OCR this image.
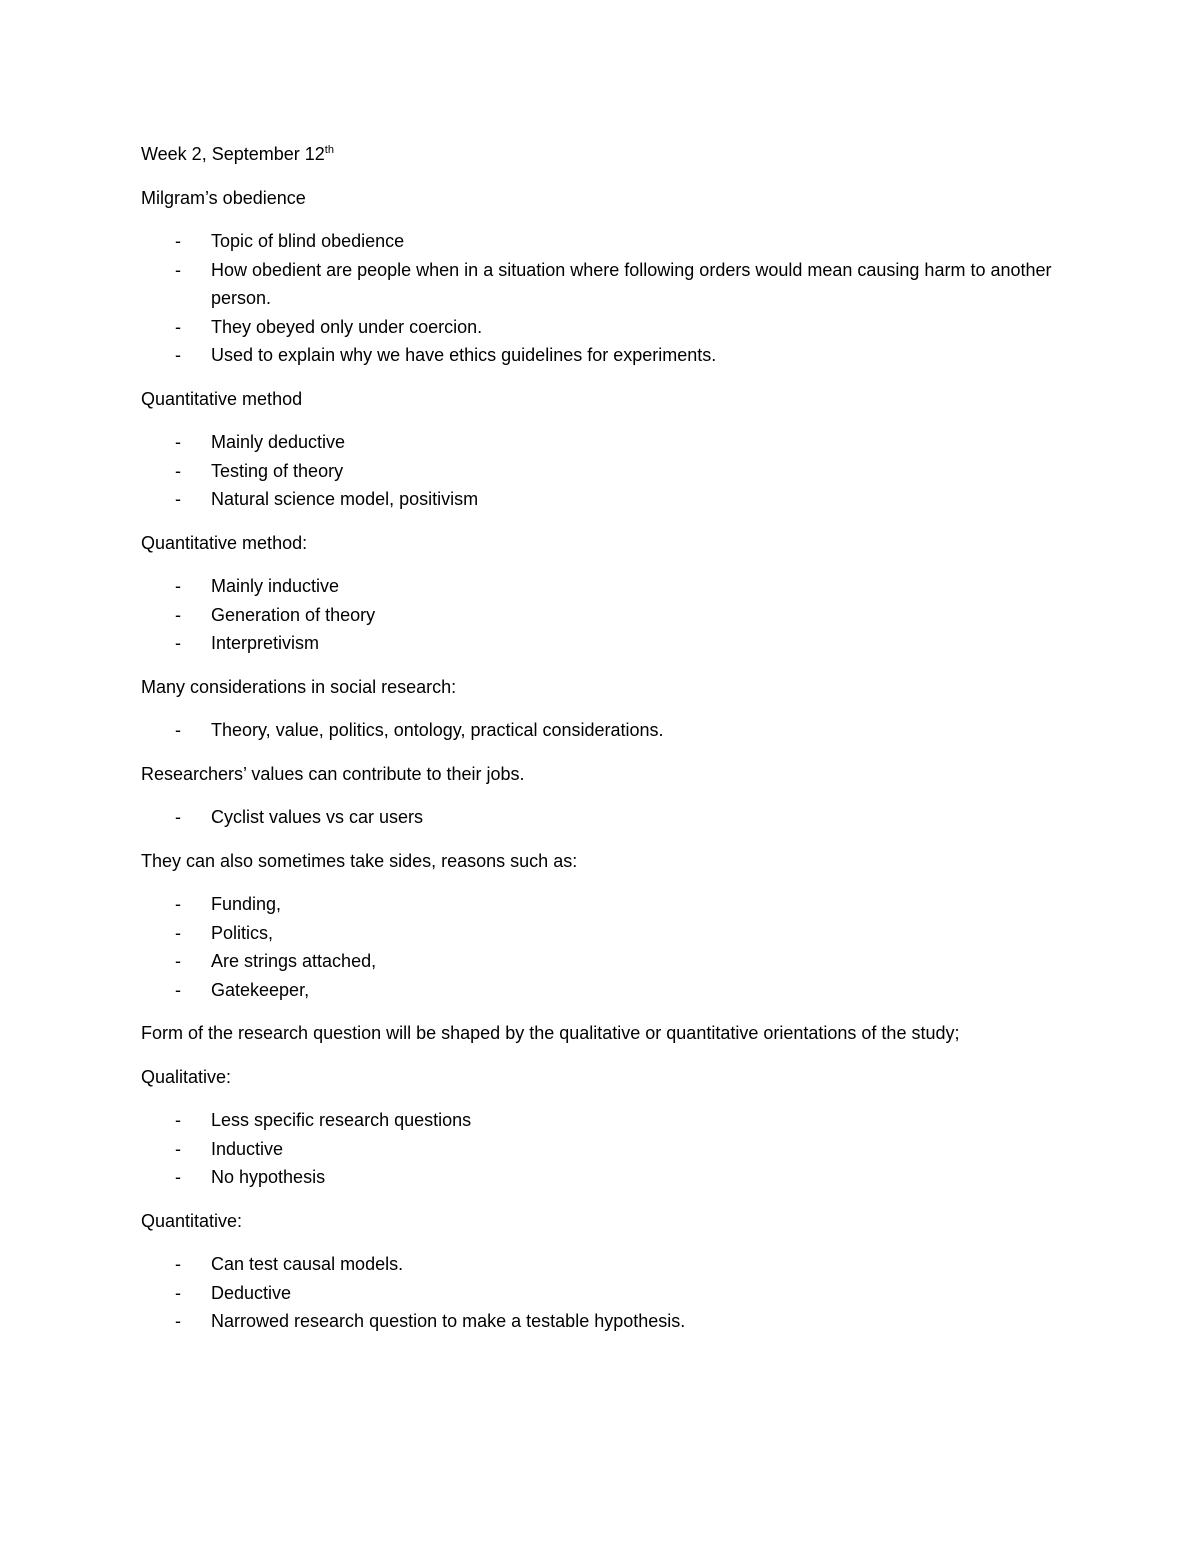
Week 2, September 12th

Milgram’s obedience

- Topic of blind obedience
- How obedient are people when in a situation where following orders would mean causing harm to another person.
- They obeyed only under coercion.
- Used to explain why we have ethics guidelines for experiments.

Quantitative method

- Mainly deductive
- Testing of theory
- Natural science model, positivism

Quantitative method:

- Mainly inductive
- Generation of theory
- Interpretivism

Many considerations in social research:

- Theory, value, politics, ontology, practical considerations.

Researchers’ values can contribute to their jobs.

- Cyclist values vs car users

They can also sometimes take sides, reasons such as:

- Funding,
- Politics,
- Are strings attached,
- Gatekeeper,

Form of the research question will be shaped by the qualitative or quantitative orientations of the study;

Qualitative:

- Less specific research questions
- Inductive
- No hypothesis

Quantitative:

- Can test causal models.
- Deductive
- Narrowed research question to make a testable hypothesis.
